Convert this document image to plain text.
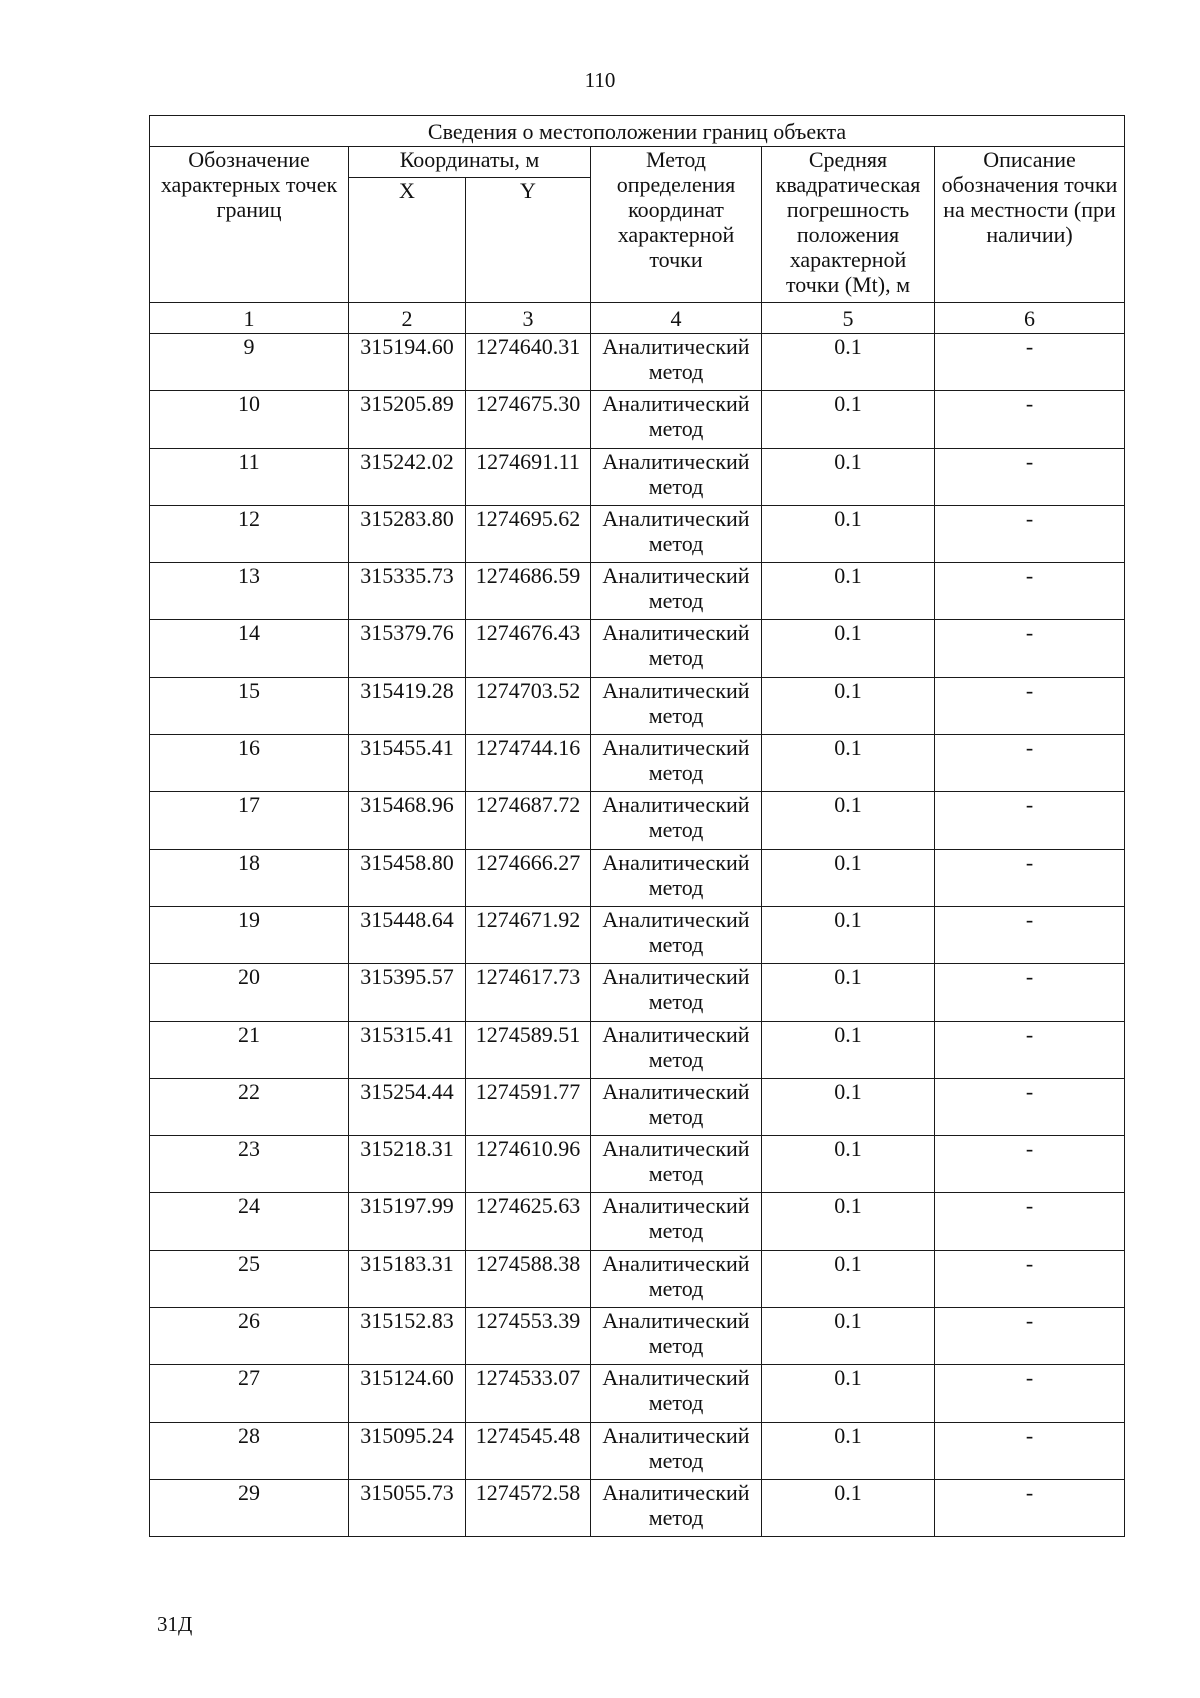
110
Сведения о местоположении границ объекта					
Обозначение характерных точек границ	Координаты, м		Метод определения координат характерной точки	Средняя квадратическая погрешность положения характерной точки (Mt), м	Описание обозначения точки на местности (при наличии)
	X	Y			
1	2	3	4	5	6
9	315194.60	1274640.31	Аналитический метод	0.1	-
10	315205.89	1274675.30	Аналитический метод	0.1	-
11	315242.02	1274691.11	Аналитический метод	0.1	-
12	315283.80	1274695.62	Аналитический метод	0.1	-
13	315335.73	1274686.59	Аналитический метод	0.1	-
14	315379.76	1274676.43	Аналитический метод	0.1	-
15	315419.28	1274703.52	Аналитический метод	0.1	-
16	315455.41	1274744.16	Аналитический метод	0.1	-
17	315468.96	1274687.72	Аналитический метод	0.1	-
18	315458.80	1274666.27	Аналитический метод	0.1	-
19	315448.64	1274671.92	Аналитический метод	0.1	-
20	315395.57	1274617.73	Аналитический метод	0.1	-
21	315315.41	1274589.51	Аналитический метод	0.1	-
22	315254.44	1274591.77	Аналитический метод	0.1	-
23	315218.31	1274610.96	Аналитический метод	0.1	-
24	315197.99	1274625.63	Аналитический метод	0.1	-
25	315183.31	1274588.38	Аналитический метод	0.1	-
26	315152.83	1274553.39	Аналитический метод	0.1	-
27	315124.60	1274533.07	Аналитический метод	0.1	-
28	315095.24	1274545.48	Аналитический метод	0.1	-
29	315055.73	1274572.58	Аналитический метод	0.1	-
31Д
